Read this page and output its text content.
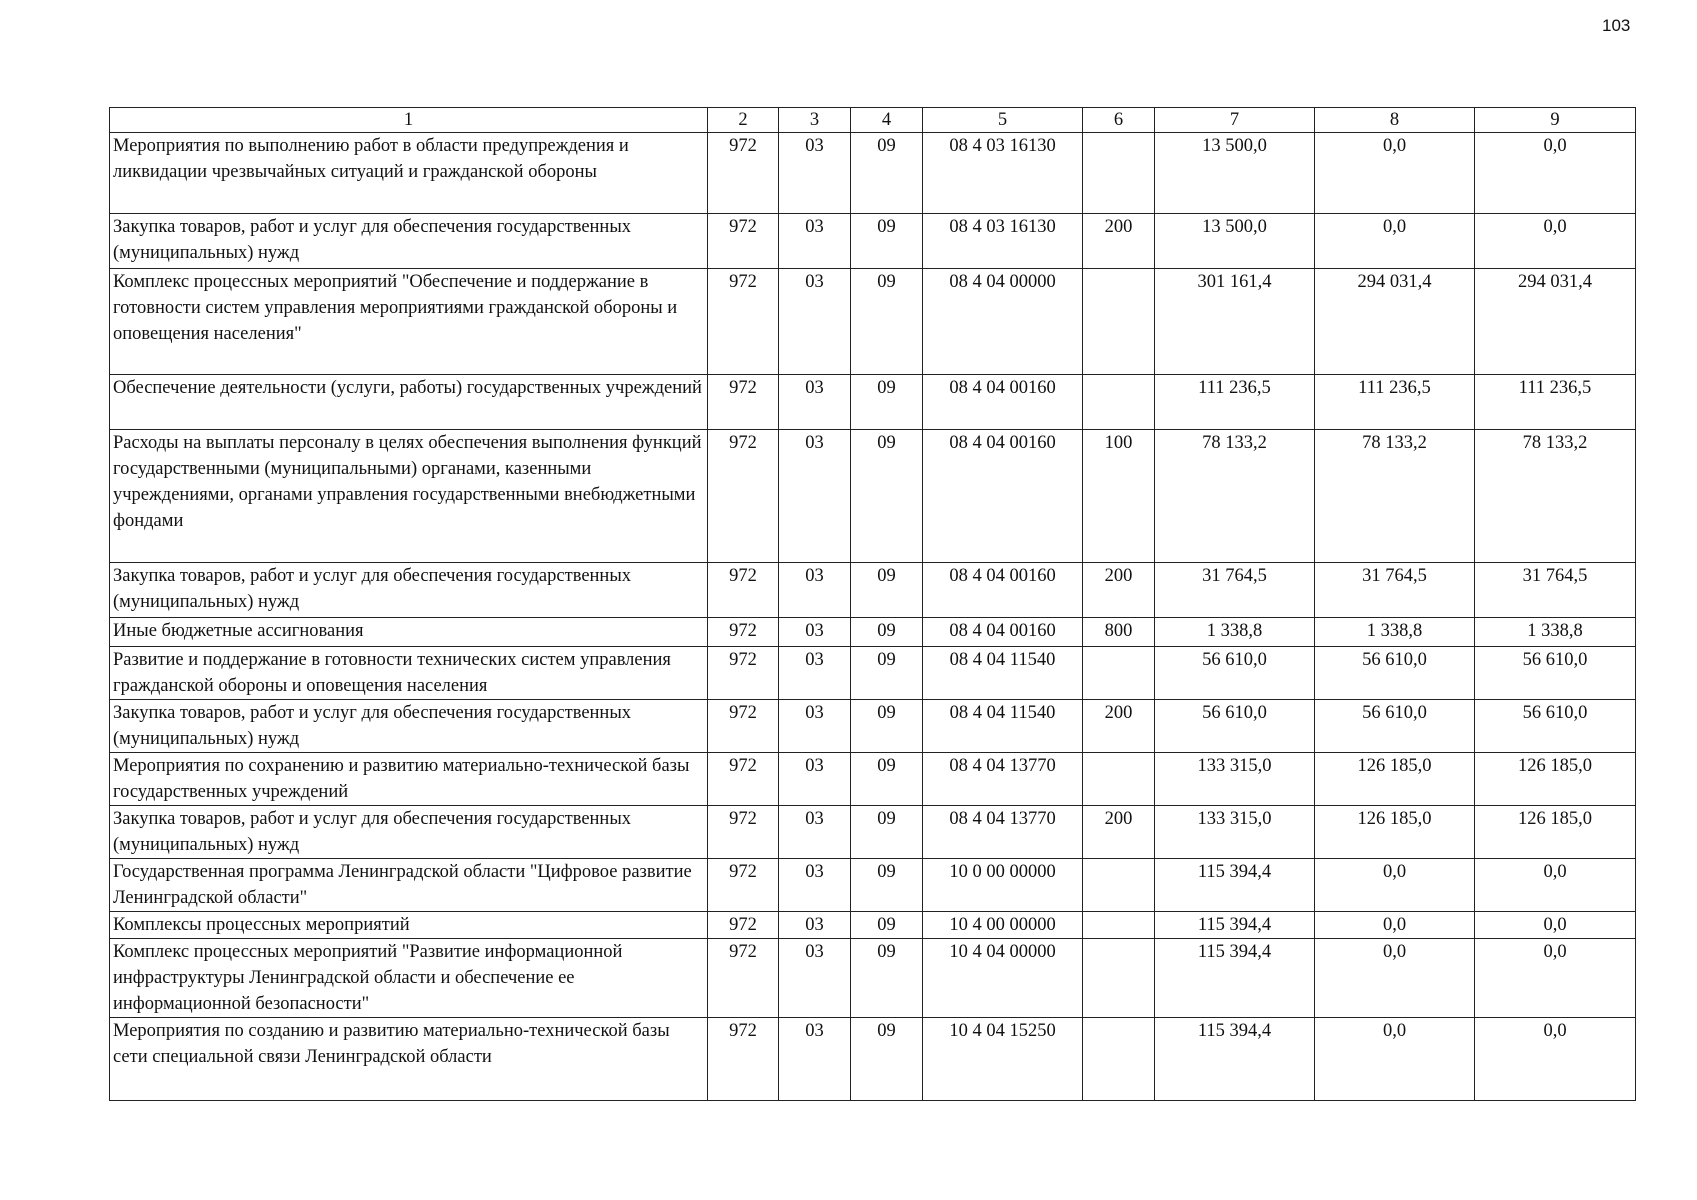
103
1	2	3	4	5	6	7	8	9
Мероприятия по выполнению работ в области предупреждения и ликвидации чрезвычайных ситуаций и гражданской обороны	972	03	09	08 4 03 16130		13 500,0	0,0	0,0
Закупка товаров, работ и услуг для обеспечения государственных (муниципальных) нужд	972	03	09	08 4 03 16130	200	13 500,0	0,0	0,0
Комплекс процессных мероприятий "Обеспечение и поддержание в готовности систем управления мероприятиями гражданской обороны и оповещения населения"	972	03	09	08 4 04 00000		301 161,4	294 031,4	294 031,4
Обеспечение деятельности (услуги, работы) государственных учреждений	972	03	09	08 4 04 00160		111 236,5	111 236,5	111 236,5
Расходы на выплаты персоналу в целях обеспечения выполнения функций государственными (муниципальными) органами, казенными учреждениями, органами управления государственными внебюджетными фондами	972	03	09	08 4 04 00160	100	78 133,2	78 133,2	78 133,2
Закупка товаров, работ и услуг для обеспечения государственных (муниципальных) нужд	972	03	09	08 4 04 00160	200	31 764,5	31 764,5	31 764,5
Иные бюджетные ассигнования	972	03	09	08 4 04 00160	800	1 338,8	1 338,8	1 338,8
Развитие и поддержание в готовности технических систем управления гражданской обороны и оповещения населения	972	03	09	08 4 04 11540		56 610,0	56 610,0	56 610,0
Закупка товаров, работ и услуг для обеспечения государственных (муниципальных) нужд	972	03	09	08 4 04 11540	200	56 610,0	56 610,0	56 610,0
Мероприятия по сохранению и развитию материально-технической базы государственных учреждений	972	03	09	08 4 04 13770		133 315,0	126 185,0	126 185,0
Закупка товаров, работ и услуг для обеспечения государственных (муниципальных) нужд	972	03	09	08 4 04 13770	200	133 315,0	126 185,0	126 185,0
Государственная программа Ленинградской области "Цифровое развитие Ленинградской области"	972	03	09	10 0 00 00000		115 394,4	0,0	0,0
Комплексы процессных мероприятий	972	03	09	10 4 00 00000		115 394,4	0,0	0,0
Комплекс процессных мероприятий "Развитие информационной инфраструктуры Ленинградской области и обеспечение ее информационной безопасности"	972	03	09	10 4 04 00000		115 394,4	0,0	0,0
Мероприятия по созданию и развитию материально-технической базы сети специальной связи Ленинградской области	972	03	09	10 4 04 15250		115 394,4	0,0	0,0
